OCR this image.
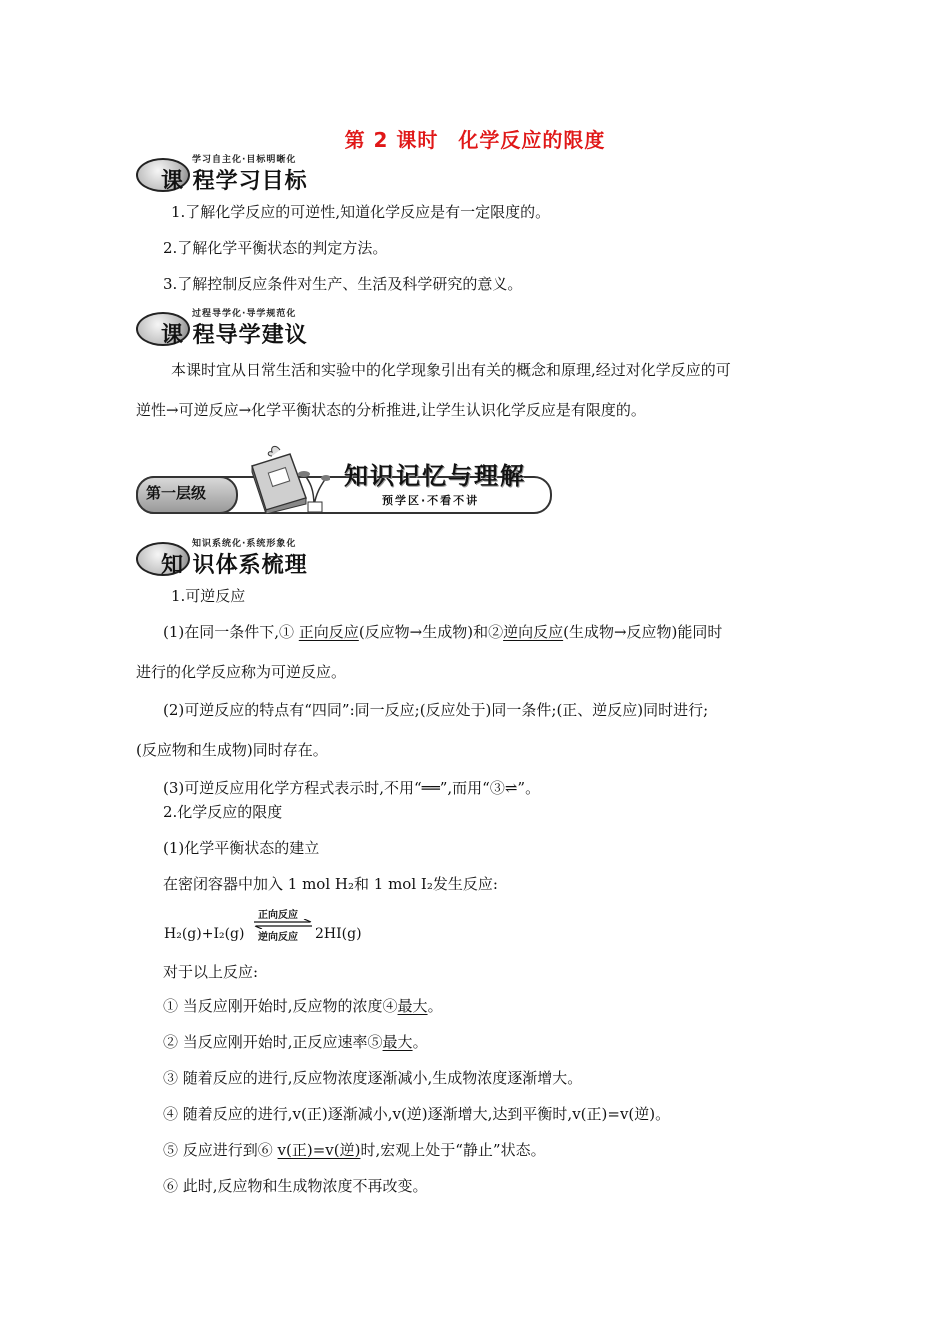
第 2 课时 化学反应的限度
学习自主化·目标明晰化
课 程学习目标
1.了解化学反应的可逆性,知道化学反应是有一定限度的。
2.了解化学平衡状态的判定方法。
3.了解控制反应条件对生产、生活及科学研究的意义。
过程导学化·导学规范化
课 程导学建议
本课时宜从日常生活和实验中的化学现象引出有关的概念和原理,经过对化学反应的可
逆性→可逆反应→化学平衡状态的分析推进,让学生认识化学反应是有限度的。
第一层级
知识记忆与理解
预学区·不看不讲
知识系统化·系统形象化
知 识体系梳理
1.可逆反应
(1)在同一条件下,① 正向反应(反应物→生成物)和②逆向反应(生成物→反应物)能同时
进行的化学反应称为可逆反应。
(2)可逆反应的特点有“四同”:同一反应;(反应处于)同一条件;(正、逆反应)同时进行;
(反应物和生成物)同时存在。
(3)可逆反应用化学方程式表示时,不用“══”,而用“③⇌”。
2.化学反应的限度
(1)化学平衡状态的建立
在密闭容器中加入 1 mol H₂和 1 mol I₂发生反应:
H₂(g)+I₂(g)
正向反应
逆向反应 2HI(g)
对于以上反应:
① 当反应刚开始时,反应物的浓度④最大。
② 当反应刚开始时,正反应速率⑤最大。
③ 随着反应的进行,反应物浓度逐渐减小,生成物浓度逐渐增大。
④ 随着反应的进行,v(正)逐渐减小,v(逆)逐渐增大,达到平衡时,v(正)=v(逆)。
⑤ 反应进行到⑥ v(正)=v(逆)时,宏观上处于“静止”状态。
⑥ 此时,反应物和生成物浓度不再改变。
